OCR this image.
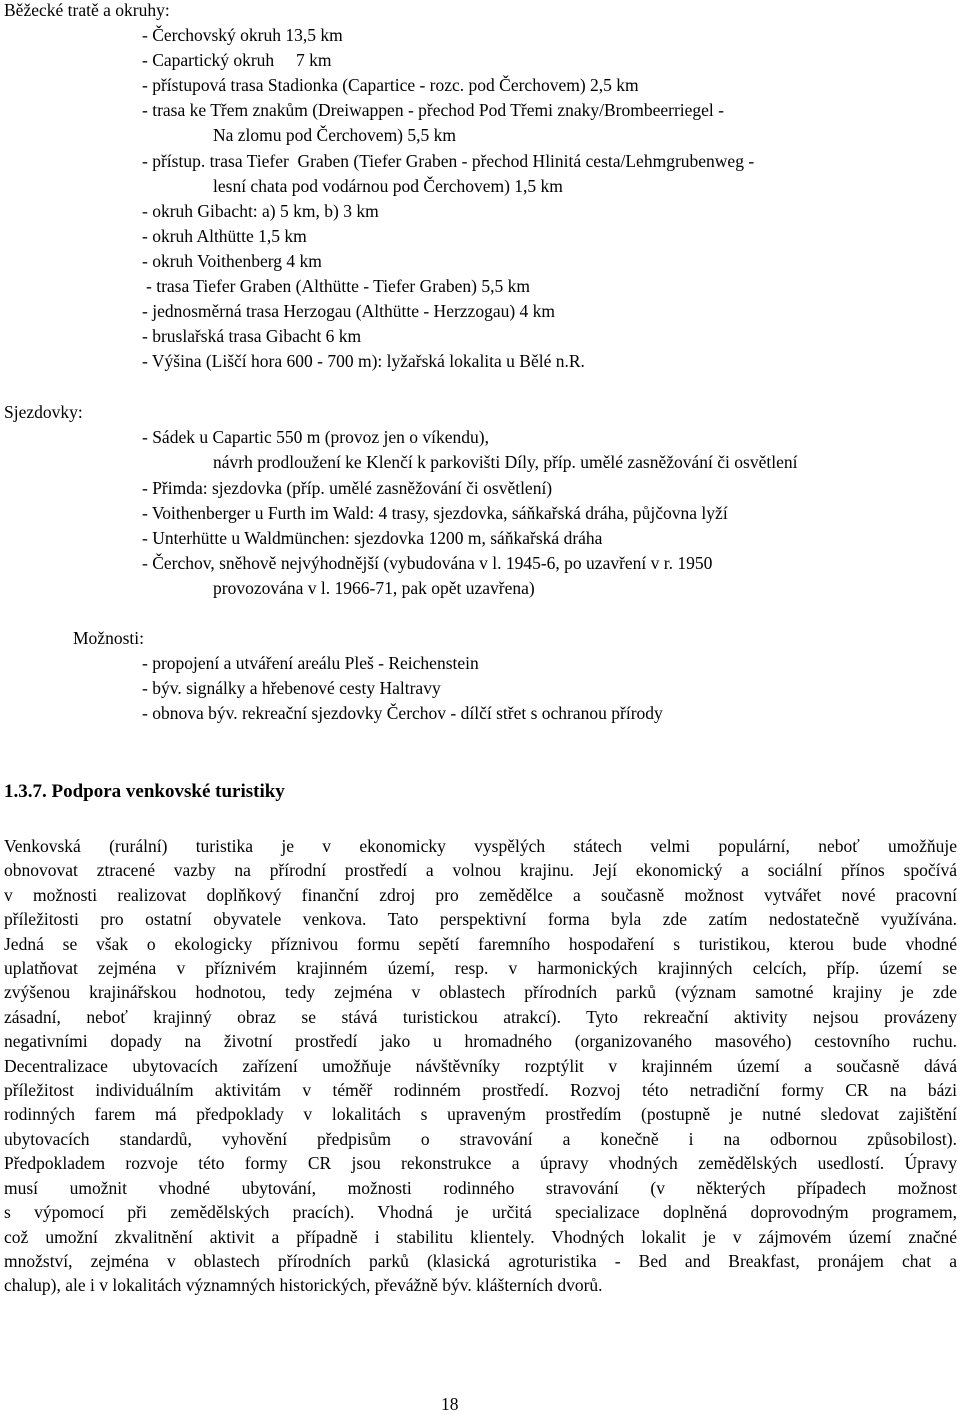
Běžecké tratě a okruhy:
- Čerchovský okruh 13,5 km
- Capartický okruh     7 km
- přístupová trasa Stadionka (Capartice - rozc. pod Čerchovem) 2,5 km
- trasa ke Třem znakům (Dreiwappen - přechod Pod Třemi znaky/Brombeerriegel -
Na zlomu pod Čerchovem) 5,5 km
- přístup. trasa Tiefer  Graben (Tiefer Graben - přechod Hlinitá cesta/Lehmgrubenweg -
lesní chata pod vodárnou pod Čerchovem) 1,5 km
- okruh Gibacht: a) 5 km, b) 3 km
- okruh Althütte 1,5 km
- okruh Voithenberg 4 km
- trasa Tiefer Graben (Althütte - Tiefer Graben) 5,5 km
- jednosměrná trasa Herzogau (Althütte - Herzzogau) 4 km
- bruslařská trasa Gibacht 6 km
- Výšina (Liščí hora 600 - 700 m): lyžařská lokalita u Bělé n.R.
Sjezdovky:
- Sádek u Capartic 550 m (provoz jen o víkendu),
návrh prodloužení ke Klenčí k parkovišti Díly, příp. umělé zasněžování či osvětlení
- Přimda: sjezdovka (příp. umělé zasněžování či osvětlení)
- Voithenberger u Furth im Wald: 4 trasy, sjezdovka, sáňkařská dráha, půjčovna lyží
- Unterhütte u Waldmünchen: sjezdovka 1200 m, sáňkařská dráha
- Čerchov, sněhově nejvýhodnější (vybudována v l. 1945-6, po uzavření v r. 1950
provozována v l. 1966-71, pak opět uzavřena)
Možnosti:
- propojení a utváření areálu Pleš - Reichenstein
- býv. signálky a hřebenové cesty Haltravy
- obnova býv. rekreační sjezdovky Čerchov - dílčí střet s ochranou přírody
1.3.7. Podpora venkovské turistiky

Venkovská (rurální) turistika je v ekonomicky vyspělých státech velmi populární, neboť umožňuje

obnovovat ztracené vazby na přírodní prostředí a volnou krajinu. Její ekonomický a sociální přínos spočívá

v možnosti realizovat doplňkový finanční zdroj pro zemědělce a současně možnost vytvářet nové pracovní

příležitosti pro ostatní obyvatele venkova. Tato perspektivní forma byla zde zatím nedostatečně využívána.

Jedná se však o ekologicky příznivou formu sepětí faremního hospodaření s turistikou, kterou bude vhodné

uplatňovat zejména v příznivém krajinném území, resp. v harmonických krajinných celcích, příp. území se

zvýšenou krajinářskou hodnotou, tedy zejména v oblastech přírodních parků (význam samotné krajiny je zde

zásadní, neboť krajinný obraz se stává turistickou atrakcí). Tyto rekreační aktivity nejsou provázeny

negativními dopady na životní prostředí jako u hromadného (organizovaného masového) cestovního ruchu.

Decentralizace ubytovacích zařízení umožňuje návštěvníky rozptýlit v krajinném území a současně dává

příležitost individuálním aktivitám v téměř rodinném prostředí. Rozvoj této netradiční formy CR na bázi

rodinných farem má předpoklady v lokalitách s upraveným prostředím (postupně je nutné sledovat zajištění

ubytovacích standardů, vyhovění předpisům o stravování a konečně i na odbornou způsobilost).

Předpokladem rozvoje této formy CR jsou rekonstrukce a úpravy vhodných zemědělských usedlostí. Úpravy

musí umožnit vhodné ubytování, možnosti rodinného stravování (v některých případech možnost

s výpomocí při zemědělských pracích). Vhodná je určitá specializace doplněná doprovodným programem,

což umožní zkvalitnění aktivit a případně i stabilitu klientely. Vhodných lokalit je v zájmovém území značné

množství, zejména v oblastech přírodních parků (klasická agroturistika - Bed and Breakfast, pronájem chat a

chalup), ale i v lokalitách významných historických, převážně býv. klášterních dvorů.

18
